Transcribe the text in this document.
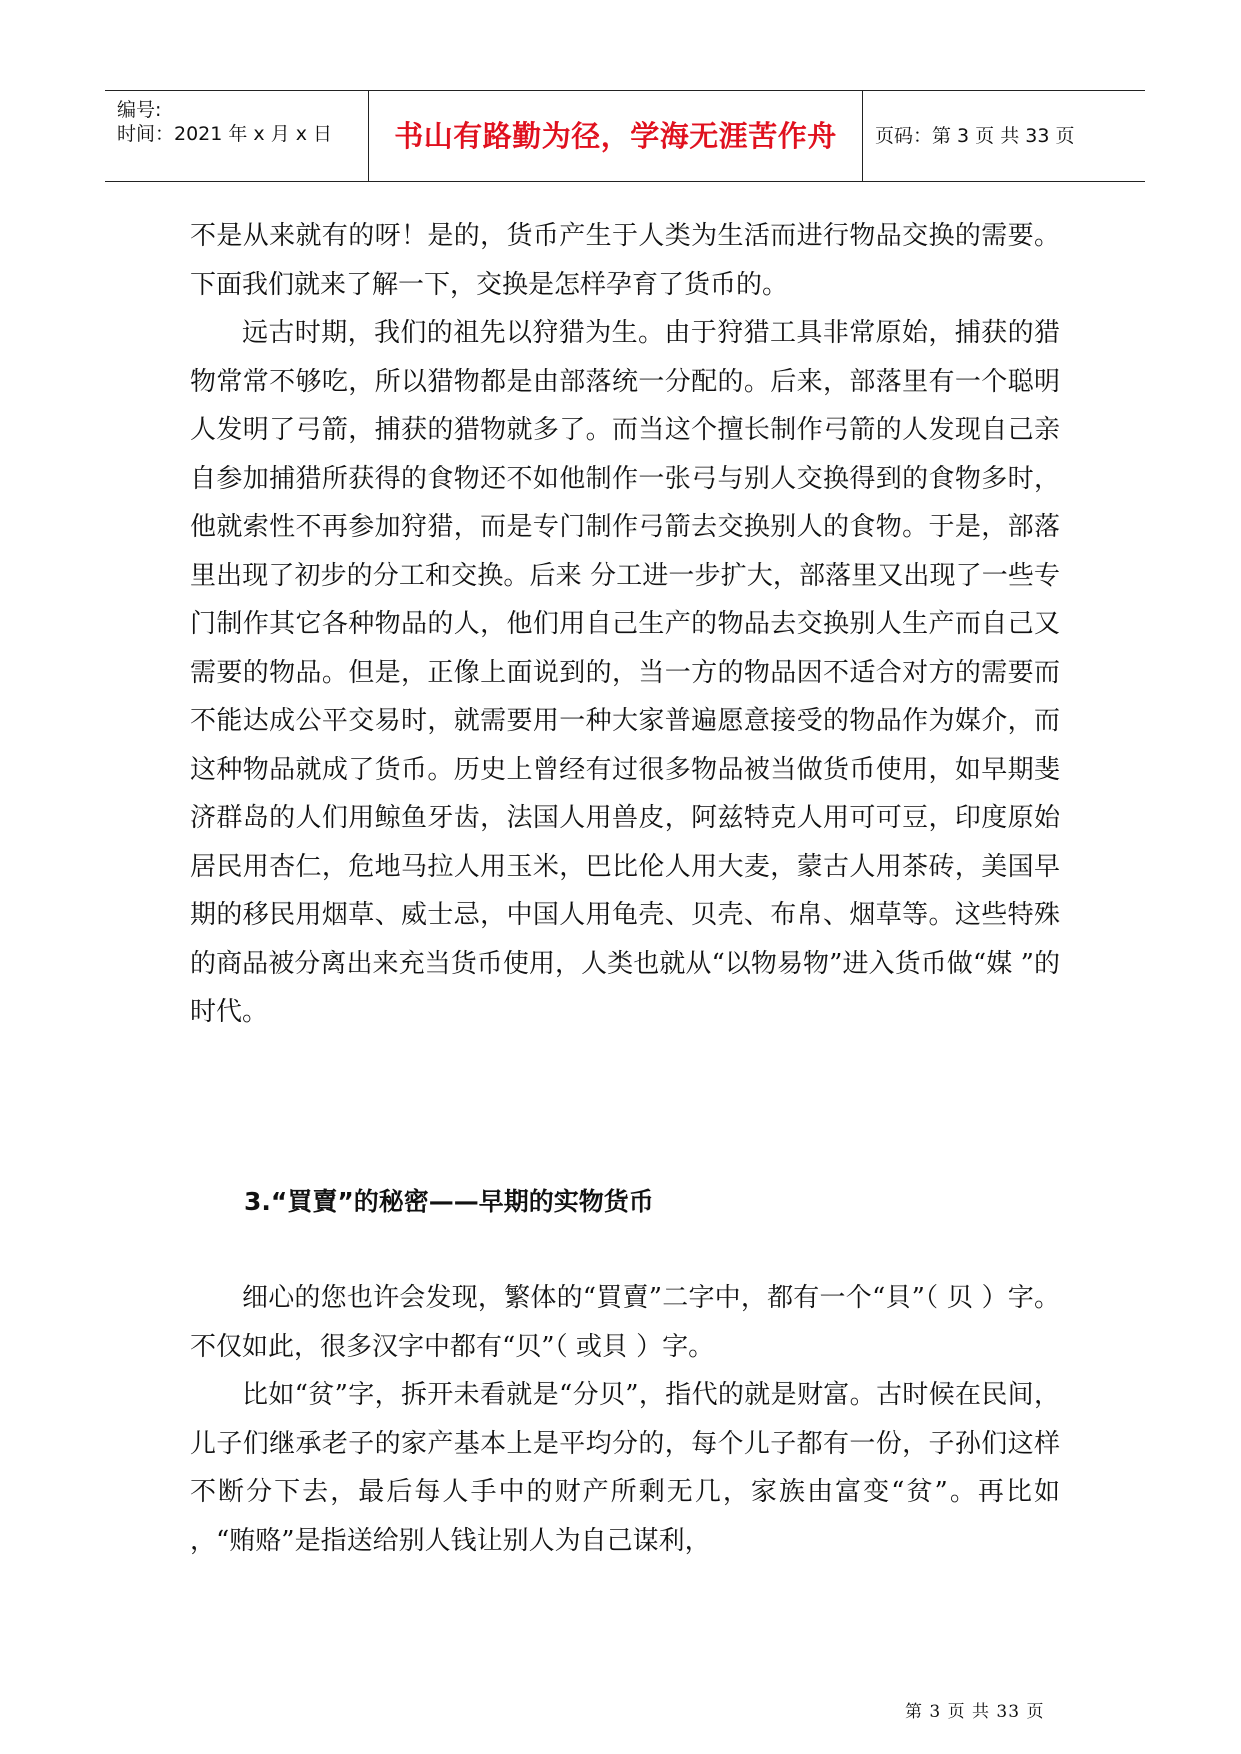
编号:
时间：2021 年 x 月 x 日	书山有路勤为径，学海无涯苦作舟	页码：第 3 页 共 33 页

不是从来就有的呀！是的，货币产生于人类为生活而进行物品交换的需要。下面我们就来了解一下，交换是怎样孕育了货币的。

远古时期，我们的祖先以狩猎为生。由于狩猎工具非常原始，捕获的猎物常常不够吃，所以猎物都是由部落统一分配的。后来，部落里有一个聪明人发明了弓箭，捕获的猎物就多了。而当这个擅长制作弓箭的人发现自己亲自参加捕猎所获得的食物还不如他制作一张弓与别人交换得到的食物多时，他就索性不再参加狩猎，而是专门制作弓箭去交换别人的食物。于是，部落里出现了初步的分工和交换。后来 分工进一步扩大，部落里又出现了一些专门制作其它各种物品的人，他们用自己生产的物品去交换别人生产而自己又需要的物品。但是，正像上面说到的，当一方的物品因不适合对方的需要而不能达成公平交易时，就需要用一种大家普遍愿意接受的物品作为媒介，而这种物品就成了货币。历史上曾经有过很多物品被当做货币使用，如早期斐济群岛的人们用鲸鱼牙齿，法国人用兽皮，阿兹特克人用可可豆，印度原始居民用杏仁，危地马拉人用玉米，巴比伦人用大麦，蒙古人用茶砖，美国早期的移民用烟草、威士忌，中国人用龟壳、贝壳、布帛、烟草等。这些特殊的商品被分离出来充当货币使用，人类也就从“以物易物”进入货币做“媒 ”的时代。

3.“買賣”的秘密——早期的实物货币

细心的您也许会发现，繁体的“買賣”二字中，都有一个“貝”（ 贝 ）字。不仅如此，很多汉字中都有“贝”（ 或貝 ）字。

比如“贫”字，拆开未看就是“分贝”，指代的就是财富。古时候在民间，儿子们继承老子的家产基本上是平均分的，每个儿子都有一份，子孙们这样不断分下去，最后每人手中的财产所剩无几，家族由富变“贫”。再比如 ，“贿赂”是指送给别人钱让别人为自己谋利，

第 3 页 共 33 页
